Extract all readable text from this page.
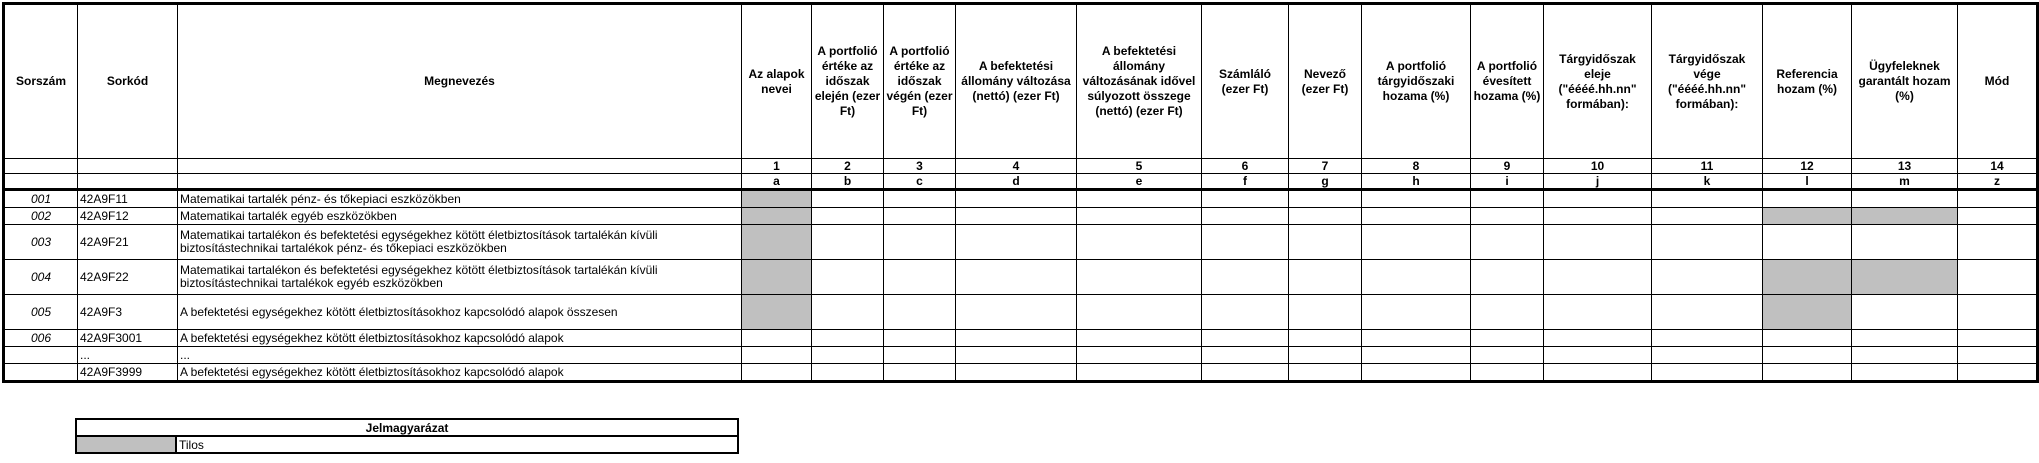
Sorszám	Sorkód	Megnevezés	Az alapok nevei	A portfolió értéke az időszak elején (ezer Ft)	A portfolió értéke az időszak végén (ezer Ft)	A befektetési állomány változása (nettó) (ezer Ft)	A befektetési állomány változásának idővel súlyozott összege (nettó) (ezer Ft)	Számláló (ezer Ft)	Nevező (ezer Ft)	A portfolió tárgyidőszaki hozama (%)	A portfolió évesített hozama (%)	Tárgyidőszak eleje ("éééé.hh.nn" formában):	Tárgyidőszak vége ("éééé.hh.nn" formában):	Referencia hozam (%)	Ügyfeleknek garantált hozam (%)	Mód
			1	2	3	4	5	6	7	8	9	10	11	12	13	14
			a	b	c	d	e	f	g	h	i	j	k	l	m	z
001	42A9F11	Matematikai tartalék pénz- és tőkepiaci eszközökben														
002	42A9F12	Matematikai tartalék egyéb eszközökben														
003	42A9F21	Matematikai tartalékon és befektetési egységekhez kötött életbiztosítások tartalékán kívüli biztosítástechnikai tartalékok pénz- és tőkepiaci eszközökben														
004	42A9F22	Matematikai tartalékon és befektetési egységekhez kötött életbiztosítások tartalékán kívüli biztosítástechnikai tartalékok egyéb eszközökben														
005	42A9F3	A befektetési egységekhez kötött életbiztosításokhoz kapcsolódó alapok összesen														
006	42A9F3001	A befektetési egységekhez kötött életbiztosításokhoz kapcsolódó alapok														
	...	...														
	42A9F3999	A befektetési egységekhez kötött életbiztosításokhoz kapcsolódó alapok														
Jelmagyarázat
	Tilos
